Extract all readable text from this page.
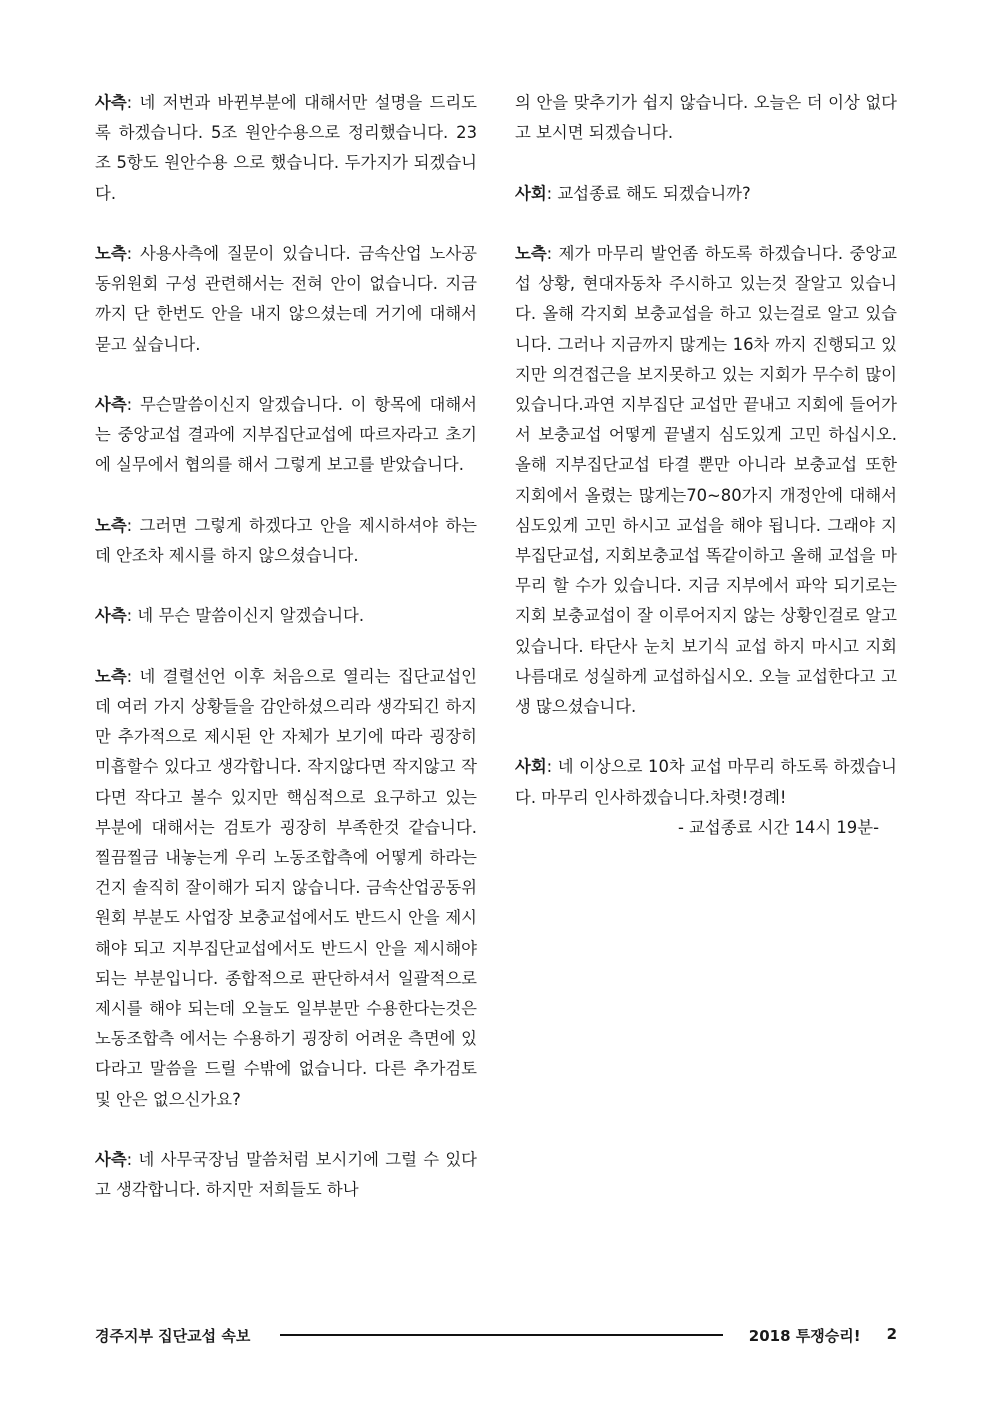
사측: 네 저번과 바뀐부분에 대해서만 설명을 드리도록 하겠습니다. 5조 원안수용으로 정리했습니다. 23조 5항도 원안수용 으로 했습니다. 두가지가 되겠습니다.

노측: 사용사측에 질문이 있습니다. 금속산업 노사공동위원회 구성 관련해서는 전혀 안이 없습니다. 지금까지 단 한번도 안을 내지 않으셨는데 거기에 대해서 묻고 싶습니다.

사측: 무슨말씀이신지 알겠습니다. 이 항목에 대해서는 중앙교섭 결과에 지부집단교섭에 따르자라고 초기에 실무에서 협의를 해서 그렇게 보고를 받았습니다.

노측: 그러면 그렇게 하겠다고 안을 제시하셔야 하는데 안조차 제시를 하지 않으셨습니다.

사측: 네 무슨 말씀이신지 알겠습니다.

노측: 네 결렬선언 이후 처음으로 열리는 집단교섭인데 여러 가지 상황들을 감안하셨으리라 생각되긴 하지만 추가적으로 제시된 안 자체가 보기에 따라 굉장히 미흡할수 있다고 생각합니다. 작지않다면 작지않고 작다면 작다고 볼수 있지만 핵심적으로 요구하고 있는 부분에 대해서는 검토가 굉장히 부족한것 같습니다. 찔끔찔금 내놓는게 우리 노동조합측에 어떻게 하라는건지 솔직히 잘이해가 되지 않습니다. 금속산업공동위원회 부분도 사업장 보충교섭에서도 반드시 안을 제시해야 되고 지부집단교섭에서도 반드시 안을 제시해야 되는 부분입니다. 종합적으로 판단하셔서 일괄적으로 제시를 해야 되는데 오늘도 일부분만 수용한다는것은 노동조합측 에서는 수용하기 굉장히 어려운 측면에 있다라고 말씀을 드릴 수밖에 없습니다. 다른 추가검토 및 안은 없으신가요?

사측: 네 사무국장님 말씀처럼 보시기에 그럴 수 있다고 생각합니다. 하지만 저희들도 하나

의 안을 맞추기가 쉽지 않습니다. 오늘은 더 이상 없다고 보시면 되겠습니다.

사회: 교섭종료 해도 되겠습니까?

노측: 제가 마무리 발언좀 하도록 하겠습니다. 중앙교섭 상황, 현대자동차 주시하고 있는것 잘알고 있습니다. 올해 각지회 보충교섭을 하고 있는걸로 알고 있습니다. 그러나 지금까지 많게는 16차 까지 진행되고 있지만 의견접근을 보지못하고 있는 지회가 무수히 많이 있습니다.과연 지부집단 교섭만 끝내고 지회에 들어가서 보충교섭 어떻게 끝낼지 심도있게 고민 하십시오. 올해 지부집단교섭 타결 뿐만 아니라 보충교섭 또한 지회에서 올렸는 많게는70~80가지 개정안에 대해서 심도있게 고민 하시고 교섭을 해야 됩니다. 그래야 지부집단교섭, 지회보충교섭 똑같이하고 올해 교섭을 마무리 할 수가 있습니다. 지금 지부에서 파악 되기로는지회 보충교섭이 잘 이루어지지 않는 상황인걸로 알고있습니다. 타단사 눈치 보기식 교섭 하지 마시고 지회 나름대로 성실하게 교섭하십시오. 오늘 교섭한다고 고생 많으셨습니다.

사회: 네 이상으로 10차 교섭 마무리 하도록 하겠습니다. 마무리 인사하겠습니다.차렷!경례!

- 교섭종료 시간 14시 19분-

경주지부 집단교섭 속보	2018 투쟁승리! 2
